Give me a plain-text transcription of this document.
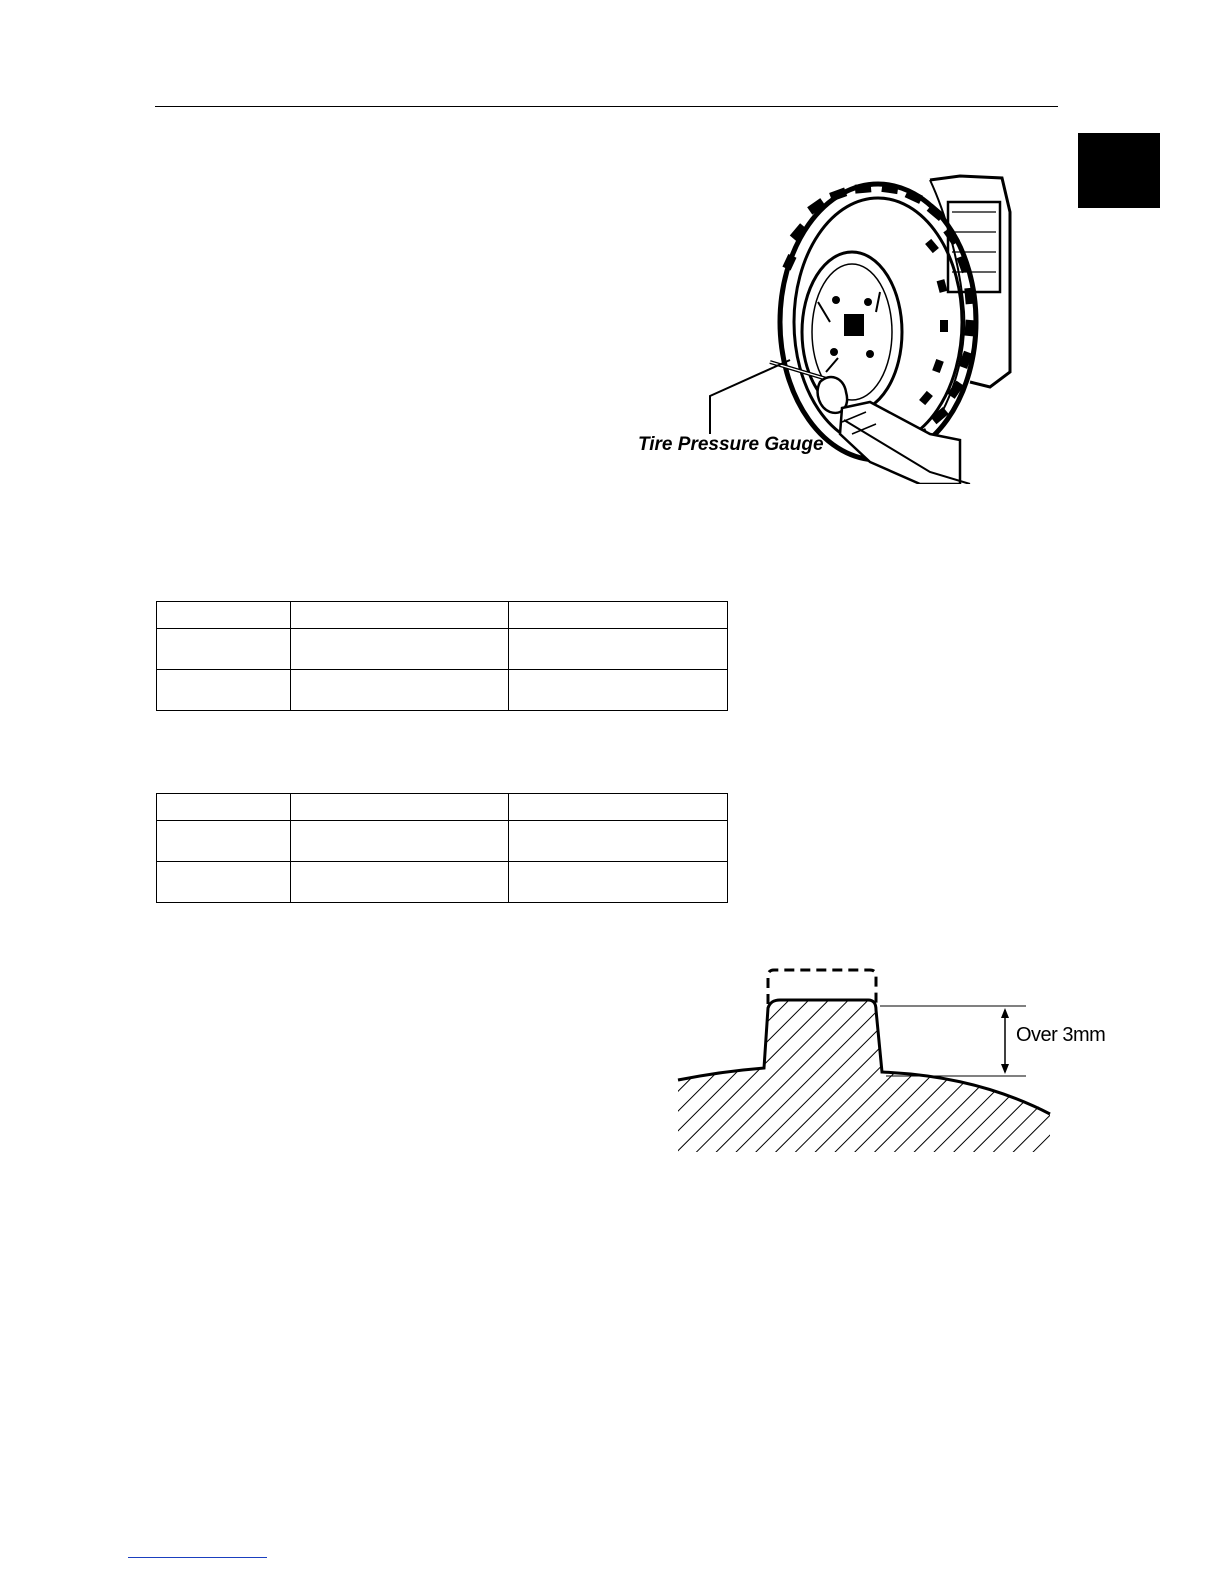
Tire Pressure Gauge

Over 3mm
